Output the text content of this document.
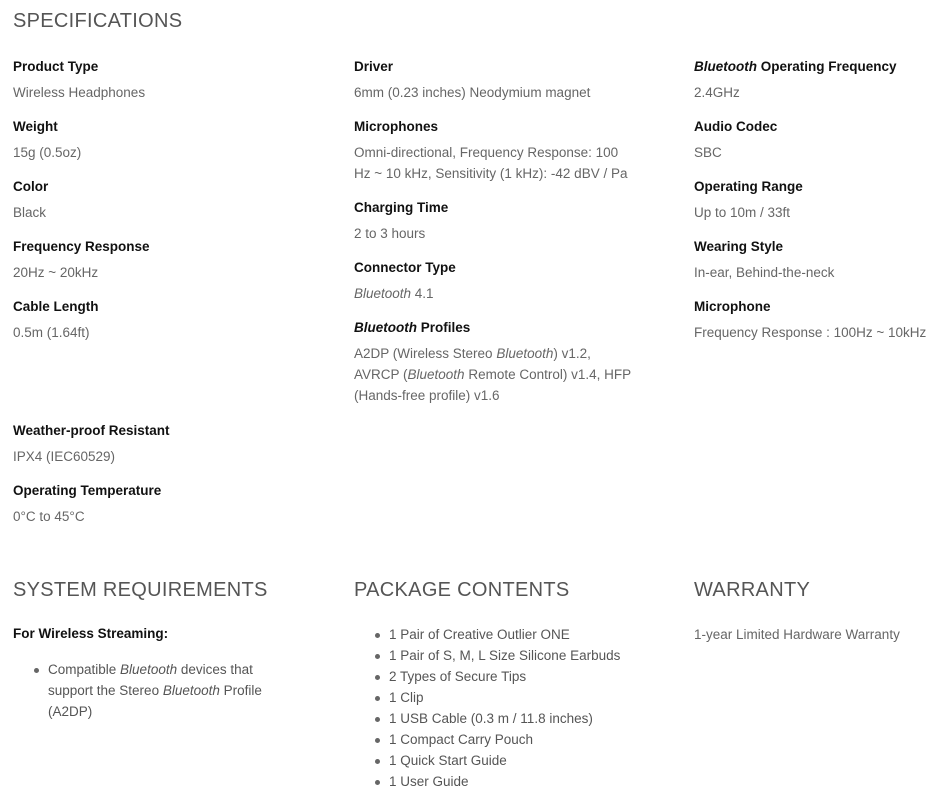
SPECIFICATIONS

Product Type

Wireless Headphones

Weight

15g (0.5oz)

Color

Black

Frequency Response

20Hz ~ 20kHz

Cable Length

0.5m (1.64ft)

Weather-proof Resistant

IPX4 (IEC60529)

Operating Temperature

0°C to 45°C

Driver

6mm (0.23 inches) Neodymium magnet

Microphones

Omni-directional, Frequency Response: 100
Hz ~ 10 kHz, Sensitivity (1 kHz): -42 dBV / Pa

Charging Time

2 to 3 hours

Connector Type

Bluetooth 4.1

Bluetooth Profiles

A2DP (Wireless Stereo Bluetooth) v1.2,
AVRCP (Bluetooth Remote Control) v1.4, HFP
(Hands-free profile) v1.6

Bluetooth Operating Frequency

2.4GHz

Audio Codec

SBC

Operating Range

Up to 10m / 33ft

Wearing Style

In-ear, Behind-the-neck

Microphone

Frequency Response : 100Hz ~ 10kHz

SYSTEM REQUIREMENTS

For Wireless Streaming:

Compatible Bluetooth devices that
support the Stereo Bluetooth Profile
(A2DP)
PACKAGE CONTENTS
1 Pair of Creative Outlier ONE
1 Pair of S, M, L Size Silicone Earbuds
2 Types of Secure Tips
1 Clip
1 USB Cable (0.3 m / 11.8 inches)
1 Compact Carry Pouch
1 Quick Start Guide
1 User Guide
WARRANTY

1-year Limited Hardware Warranty
